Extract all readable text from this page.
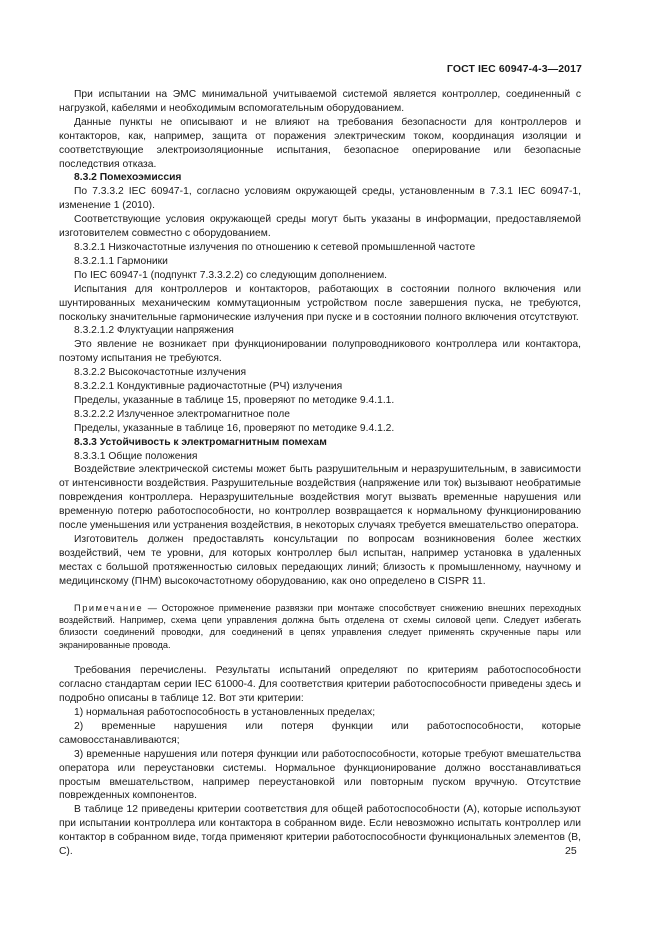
ГОСТ IEC 60947-4-3—2017

При испытании на ЭМС минимальной учитываемой системой является контроллер, соединенный с нагрузкой, кабелями и необходимым вспомогательным оборудованием.

Данные пункты не описывают и не влияют на требования безопасности для контроллеров и контакторов, как, например, защита от поражения электрическим током, координация изоляции и соответствующие электроизоляционные испытания, безопасное оперирование или безопасные последствия отказа.

8.3.2 Помехоэмиссия

По 7.3.3.2 IEC 60947-1, согласно условиям окружающей среды, установленным в 7.3.1 IEC 60947-1, изменение 1 (2010).

Соответствующие условия окружающей среды могут быть указаны в информации, предоставляемой изготовителем совместно с оборудованием.

8.3.2.1 Низкочастотные излучения по отношению к сетевой промышленной частоте

8.3.2.1.1 Гармоники

По IEC 60947-1 (подпункт 7.3.3.2.2) со следующим дополнением.

Испытания для контроллеров и контакторов, работающих в состоянии полного включения или шунтированных механическим коммутационным устройством после завершения пуска, не требуются, поскольку значительные гармонические излучения при пуске и в состоянии полного включения отсутствуют.

8.3.2.1.2 Флуктуации напряжения

Это явление не возникает при функционировании полупроводникового контроллера или контактора, поэтому испытания не требуются.

8.3.2.2 Высокочастотные излучения

8.3.2.2.1 Кондуктивные радиочастотные (РЧ) излучения

Пределы, указанные в таблице 15, проверяют по методике 9.4.1.1.

8.3.2.2.2 Излученное электромагнитное поле

Пределы, указанные в таблице 16, проверяют по методике 9.4.1.2.

8.3.3 Устойчивость к электромагнитным помехам

8.3.3.1 Общие положения

Воздействие электрической системы может быть разрушительным и неразрушительным, в зависимости от интенсивности воздействия. Разрушительные воздействия (напряжение или ток) вызывают необратимые повреждения контроллера. Неразрушительные воздействия могут вызвать временные нарушения или временную потерю работоспособности, но контроллер возвращается к нормальному функционированию после уменьшения или устранения воздействия, в некоторых случаях требуется вмешательство оператора.

Изготовитель должен предоставлять консультации по вопросам возникновения более жестких воздействий, чем те уровни, для которых контроллер был испытан, например установка в удаленных местах с большой протяженностью силовых передающих линий; близость к промышленному, научному и медицинскому (ПНМ) высокочастотному оборудованию, как оно определено в CISPR 11.

Примечание — Осторожное применение развязки при монтаже способствует снижению внешних переходных воздействий. Например, схема цепи управления должна быть отделена от схемы силовой цепи. Следует избегать близости соединений проводки, для соединений в цепях управления следует применять скрученные пары или экранированные провода.

Требования перечислены. Результаты испытаний определяют по критериям работоспособности согласно стандартам серии IEC 61000-4. Для соответствия критерии работоспособности приведены здесь и подробно описаны в таблице 12. Вот эти критерии:

1) нормальная работоспособность в установленных пределах;

2) временные нарушения или потеря функции или работоспособности, которые самовосстанавливаются;

3) временные нарушения или потеря функции или работоспособности, которые требуют вмешательства оператора или переустановки системы. Нормальное функционирование должно восстанавливаться простым вмешательством, например переустановкой или повторным пуском вручную. Отсутствие поврежденных компонентов.

В таблице 12 приведены критерии соответствия для общей работоспособности (А), которые используют при испытании контроллера или контактора в собранном виде. Если невозможно испытать контроллер или контактор в собранном виде, тогда применяют критерии работоспособности функциональных элементов (В, С).	25
